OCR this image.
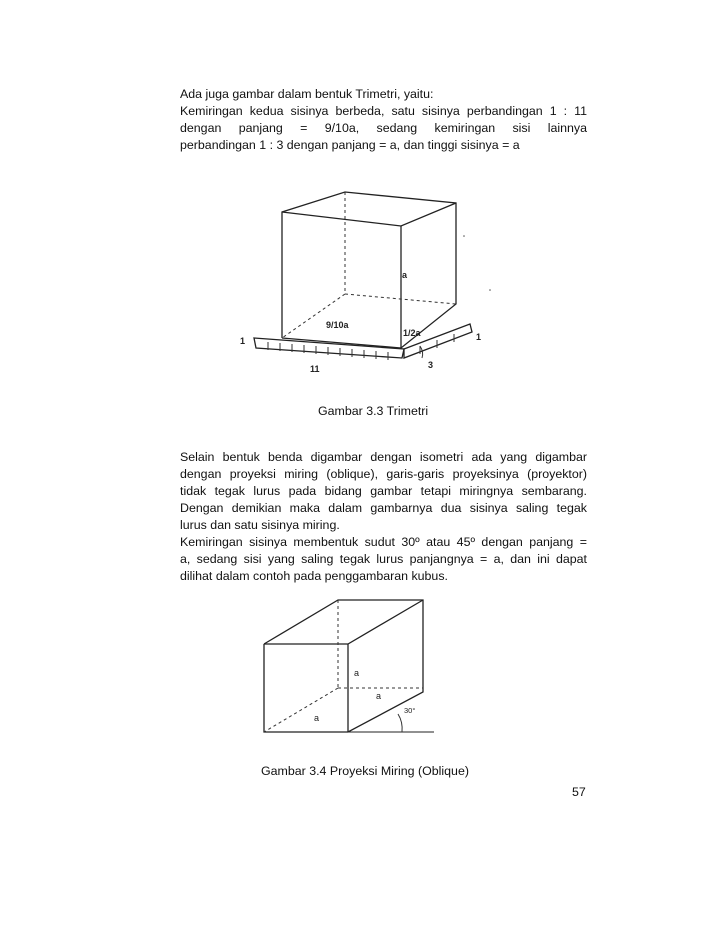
Ada juga gambar dalam bentuk Trimetri, yaitu:
Kemiringan kedua sisinya berbeda, satu sisinya perbandingan 1 : 11
dengan panjang = 9/10a, sedang kemiringan sisi lainnya
perbandingan 1 : 3 dengan panjang = a, dan tinggi sisinya = a
a
9/10a
1/2a
1	1
11	3
Gambar 3.3 Trimetri
Selain bentuk benda digambar dengan isometri ada yang digambar
dengan proyeksi miring (oblique), garis-garis proyeksinya (proyektor)
tidak tegak lurus pada bidang gambar tetapi miringnya sembarang.
Dengan demikian maka dalam gambarnya dua sisinya saling tegak
lurus dan satu sisinya miring.
Kemiringan sisinya membentuk sudut 30º atau 45º dengan panjang =
a, sedang sisi yang saling tegak lurus panjangnya = a, dan ini dapat
dilihat dalam contoh pada penggambaran kubus.
a
a
a
30°
Gambar 3.4 Proyeksi Miring (Oblique)
57
